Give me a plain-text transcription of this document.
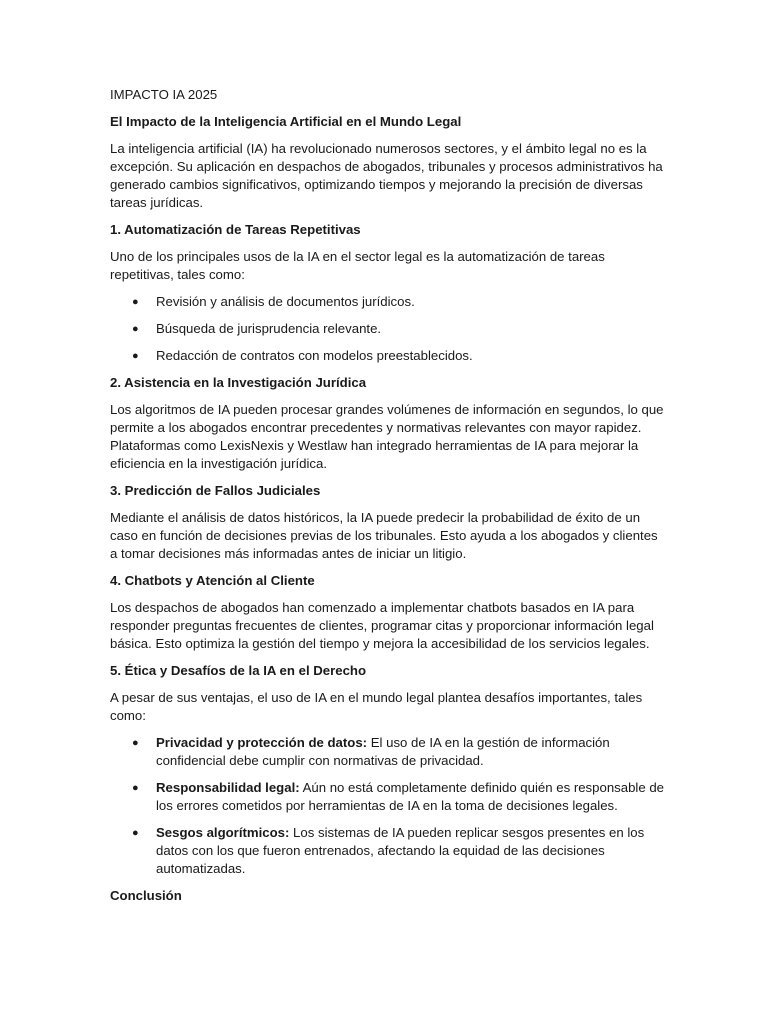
IMPACTO IA 2025

El Impacto de la Inteligencia Artificial en el Mundo Legal

La inteligencia artificial (IA) ha revolucionado numerosos sectores, y el ámbito legal no es la excepción. Su aplicación en despachos de abogados, tribunales y procesos administrativos ha generado cambios significativos, optimizando tiempos y mejorando la precisión de diversas tareas jurídicas.

1. Automatización de Tareas Repetitivas

Uno de los principales usos de la IA en el sector legal es la automatización de tareas repetitivas, tales como:

● Revisión y análisis de documentos jurídicos.
● Búsqueda de jurisprudencia relevante.
● Redacción de contratos con modelos preestablecidos.

2. Asistencia en la Investigación Jurídica

Los algoritmos de IA pueden procesar grandes volúmenes de información en segundos, lo que permite a los abogados encontrar precedentes y normativas relevantes con mayor rapidez. Plataformas como LexisNexis y Westlaw han integrado herramientas de IA para mejorar la eficiencia en la investigación jurídica.

3. Predicción de Fallos Judiciales

Mediante el análisis de datos históricos, la IA puede predecir la probabilidad de éxito de un caso en función de decisiones previas de los tribunales. Esto ayuda a los abogados y clientes a tomar decisiones más informadas antes de iniciar un litigio.

4. Chatbots y Atención al Cliente

Los despachos de abogados han comenzado a implementar chatbots basados en IA para responder preguntas frecuentes de clientes, programar citas y proporcionar información legal básica. Esto optimiza la gestión del tiempo y mejora la accesibilidad de los servicios legales.

5. Ética y Desafíos de la IA en el Derecho

A pesar de sus ventajas, el uso de IA en el mundo legal plantea desafíos importantes, tales como:

● Privacidad y protección de datos: El uso de IA en la gestión de información confidencial debe cumplir con normativas de privacidad.
● Responsabilidad legal: Aún no está completamente definido quién es responsable de los errores cometidos por herramientas de IA en la toma de decisiones legales.
● Sesgos algorítmicos: Los sistemas de IA pueden replicar sesgos presentes en los datos con los que fueron entrenados, afectando la equidad de las decisiones automatizadas.

Conclusión
